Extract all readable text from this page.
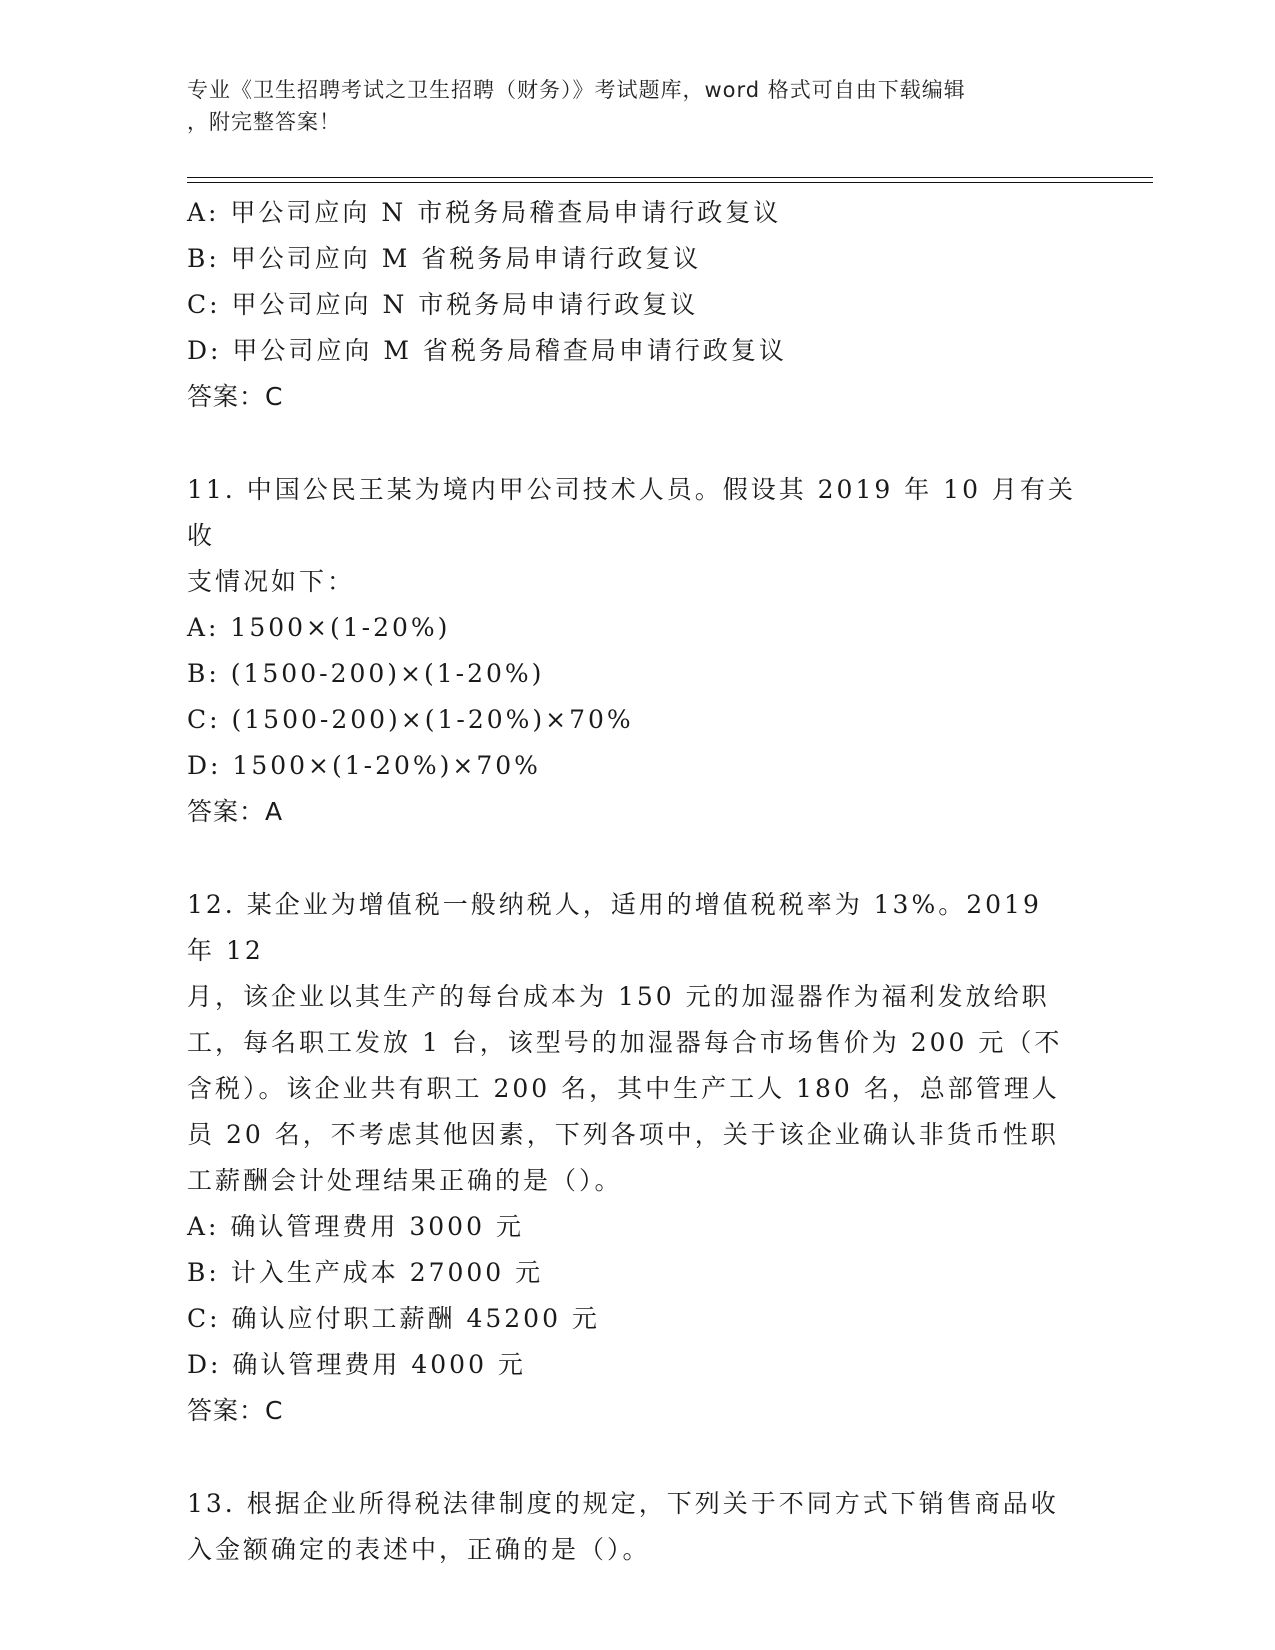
专业《卫生招聘考试之卫生招聘（财务）》考试题库，word 格式可自由下载编辑
，附完整答案！
A: 甲公司应向 N 市税务局稽查局申请行政复议
B: 甲公司应向 M 省税务局申请行政复议
C: 甲公司应向 N 市税务局申请行政复议
D: 甲公司应向 M 省税务局稽查局申请行政复议
答案：C
11. 中国公民王某为境内甲公司技术人员。假设其 2019 年 10 月有关收
支情况如下：
A: 1500×(1-20%)
B: (1500-200)×(1-20%)
C: (1500-200)×(1-20%)×70%
D: 1500×(1-20%)×70%
答案：A
12. 某企业为增值税一般纳税人，适用的增值税税率为 13%。2019 年 12
月，该企业以其生产的每台成本为 150 元的加湿器作为福利发放给职
工，每名职工发放 1 台，该型号的加湿器每合市场售价为 200 元（不
含税）。该企业共有职工 200 名，其中生产工人 180 名，总部管理人
员 20 名，不考虑其他因素，下列各项中，关于该企业确认非货币性职
工薪酬会计处理结果正确的是（）。
A: 确认管理费用 3000 元
B: 计入生产成本 27000 元
C: 确认应付职工薪酬 45200 元
D: 确认管理费用 4000 元
答案：C
13. 根据企业所得税法律制度的规定，下列关于不同方式下销售商品收
入金额确定的表述中，正确的是（）。
